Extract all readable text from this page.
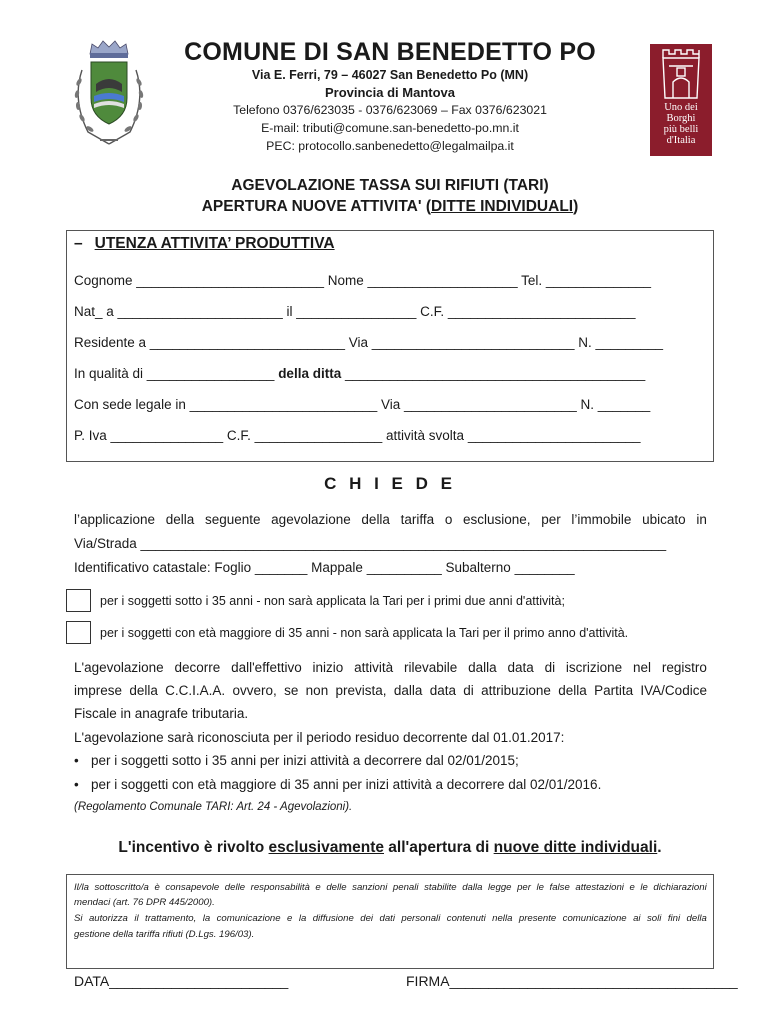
Uno dei
Borghi
più belli
d'Italia
COMUNE DI SAN BENEDETTO PO
Via E. Ferri, 79 – 46027 San Benedetto Po (MN)
Provincia di Mantova
Telefono 0376/623035 - 0376/623069 – Fax 0376/623021
E-mail: tributi@comune.san-benedetto-po.mn.it
PEC: protocollo.sanbenedetto@legalmailpa.it
AGEVOLAZIONE TASSA SUI RIFIUTI (TARI)
APERTURA NUOVE ATTIVITA' (DITTE INDIVIDUALI)
– UTENZA ATTIVITA’ PRODUTTIVA
Cognome _________________________ Nome ____________________ Tel. ______________
Nat_ a ______________________ il ________________ C.F. _________________________
Residente a __________________________ Via ___________________________ N. _________
In qualità di _________________ della ditta ________________________________________
Con sede legale in _________________________ Via _______________________ N. _______
P. Iva _______________ C.F. _________________ attività svolta _______________________
C H I E D E
l’applicazione della seguente agevolazione della tariffa o esclusione, per l’immobile ubicato in
Via/Strada ______________________________________________________________________
Identificativo catastale: Foglio _______ Mappale __________ Subalterno ________
per i soggetti sotto i 35 anni - non sarà applicata la Tari per i primi due anni d'attività;
per i soggetti con età maggiore di 35 anni - non sarà applicata la Tari per il primo anno d'attività.
L'agevolazione decorre dall'effettivo inizio attività rilevabile dalla data di iscrizione nel registro
imprese della C.C.I.A.A. ovvero, se non prevista, dalla data di attribuzione della Partita IVA/Codice
Fiscale in anagrafe tributaria.
L'agevolazione sarà riconosciuta per il periodo residuo decorrente dal 01.01.2017:
• per i soggetti sotto i 35 anni per inizi attività a decorrere dal 02/01/2015;
• per i soggetti con età maggiore di 35 anni per inizi attività a decorrere dal 02/01/2016.
(Regolamento Comunale TARI: Art. 24 - Agevolazioni).
L'incentivo è rivolto esclusivamente all'apertura di nuove ditte individuali.
Il/la sottoscritto/a è consapevole delle responsabilità e delle sanzioni penali stabilite dalla legge per le false attestazioni e le dichiarazioni
mendaci (art. 76 DPR 445/2000).
Si autorizza il trattamento, la comunicazione e la diffusione dei dati personali contenuti nella presente comunicazione ai soli fini della
gestione della tariffa rifiuti (D.Lgs. 196/03).
DATA_______________________	FIRMA_____________________________________
